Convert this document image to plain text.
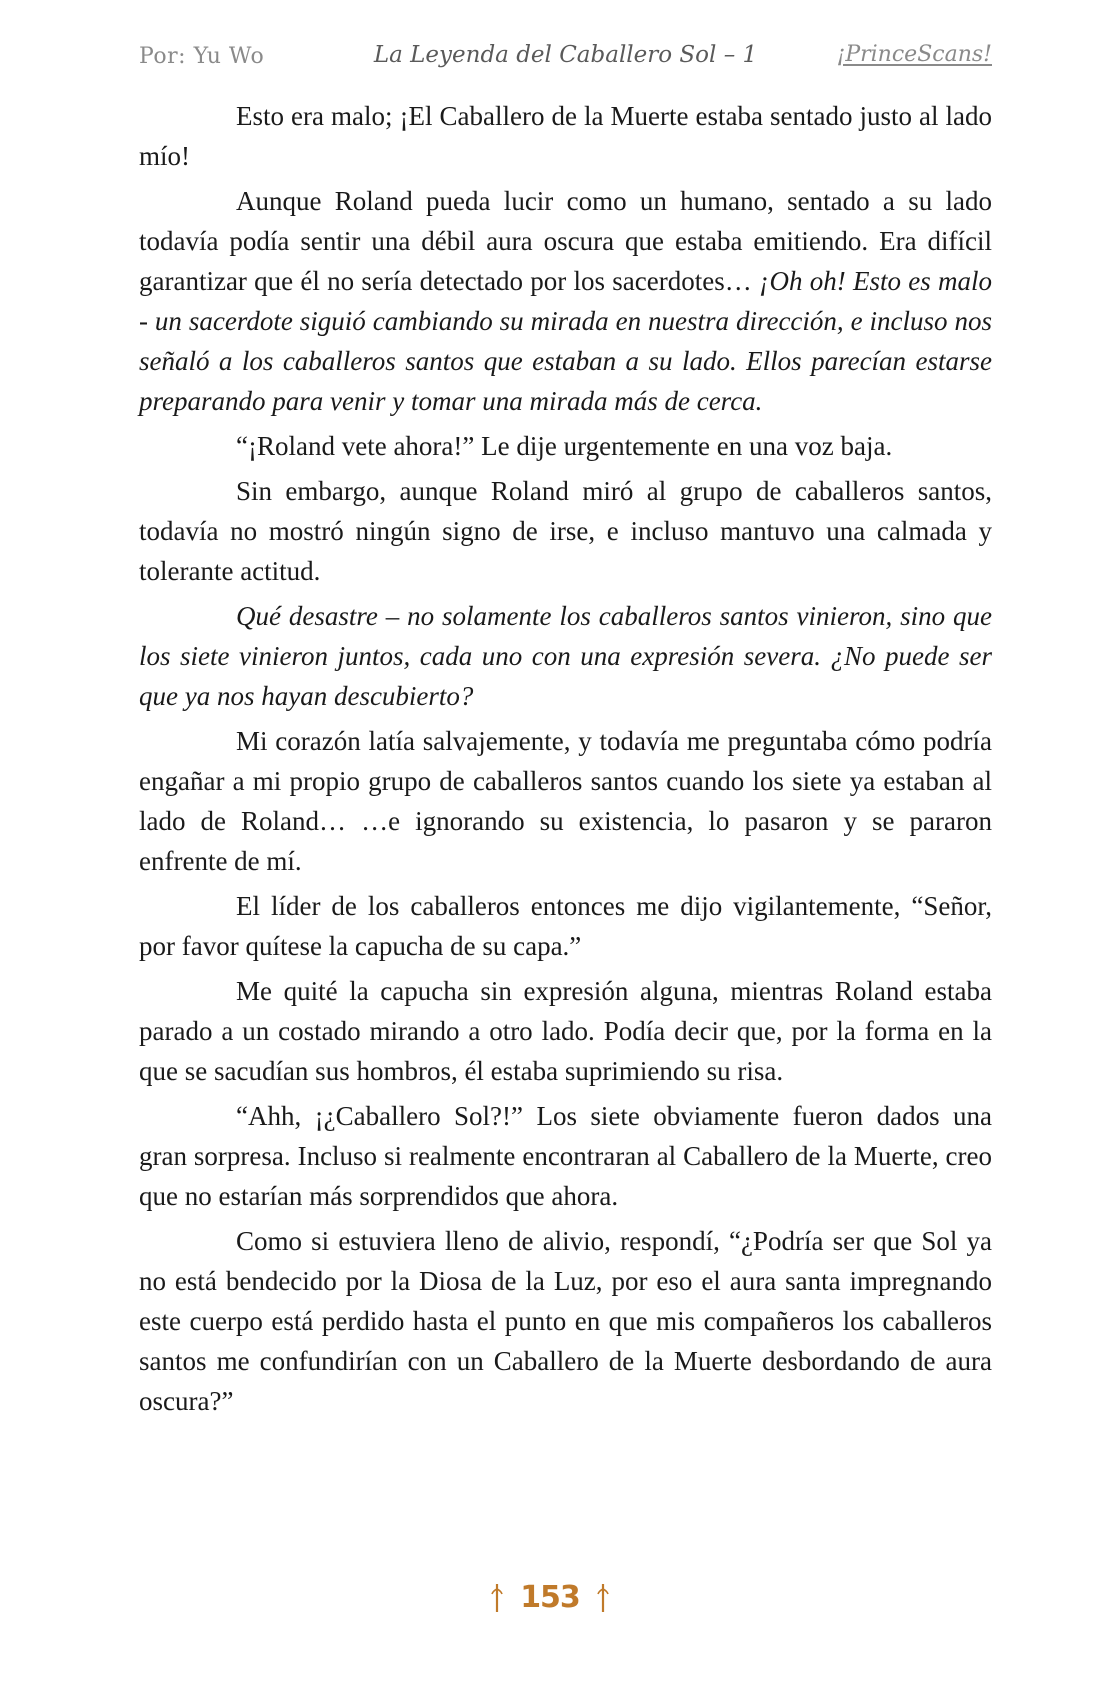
Por: Yu Wo	La Leyenda del Caballero Sol – 1	¡PrinceScans!

Esto era malo; ¡El Caballero de la Muerte estaba sentado justo al lado mío!

Aunque Roland pueda lucir como un humano, sentado a su lado todavía podía sentir una débil aura oscura que estaba emitiendo. Era difícil garantizar que él no sería detectado por los sacerdotes… ¡Oh oh! Esto es malo - un sacerdote siguió cambiando su mirada en nuestra dirección, e incluso nos señaló a los caballeros santos que estaban a su lado. Ellos parecían estarse preparando para venir y tomar una mirada más de cerca.

“¡Roland vete ahora!” Le dije urgentemente en una voz baja.

Sin embargo, aunque Roland miró al grupo de caballeros santos, todavía no mostró ningún signo de irse, e incluso mantuvo una calmada y tolerante actitud.

Qué desastre – no solamente los caballeros santos vinieron, sino que los siete vinieron juntos, cada uno con una expresión severa. ¿No puede ser que ya nos hayan descubierto?

Mi corazón latía salvajemente, y todavía me preguntaba cómo podría engañar a mi propio grupo de caballeros santos cuando los siete ya estaban al lado de Roland… …e ignorando su existencia, lo pasaron y se pararon enfrente de mí.

El líder de los caballeros entonces me dijo vigilantemente, “Señor, por favor quítese la capucha de su capa.”

Me quité la capucha sin expresión alguna, mientras Roland estaba parado a un costado mirando a otro lado. Podía decir que, por la forma en la que se sacudían sus hombros, él estaba suprimiendo su risa.

“Ahh, ¡¿Caballero Sol?!” Los siete obviamente fueron dados una gran sorpresa. Incluso si realmente encontraran al Caballero de la Muerte, creo que no estarían más sorprendidos que ahora.

Como si estuviera lleno de alivio, respondí, “¿Podría ser que Sol ya no está bendecido por la Diosa de la Luz, por eso el aura santa impregnando este cuerpo está perdido hasta el punto en que mis compañeros los caballeros santos me confundirían con un Caballero de la Muerte desbordando de aura oscura?”

153
